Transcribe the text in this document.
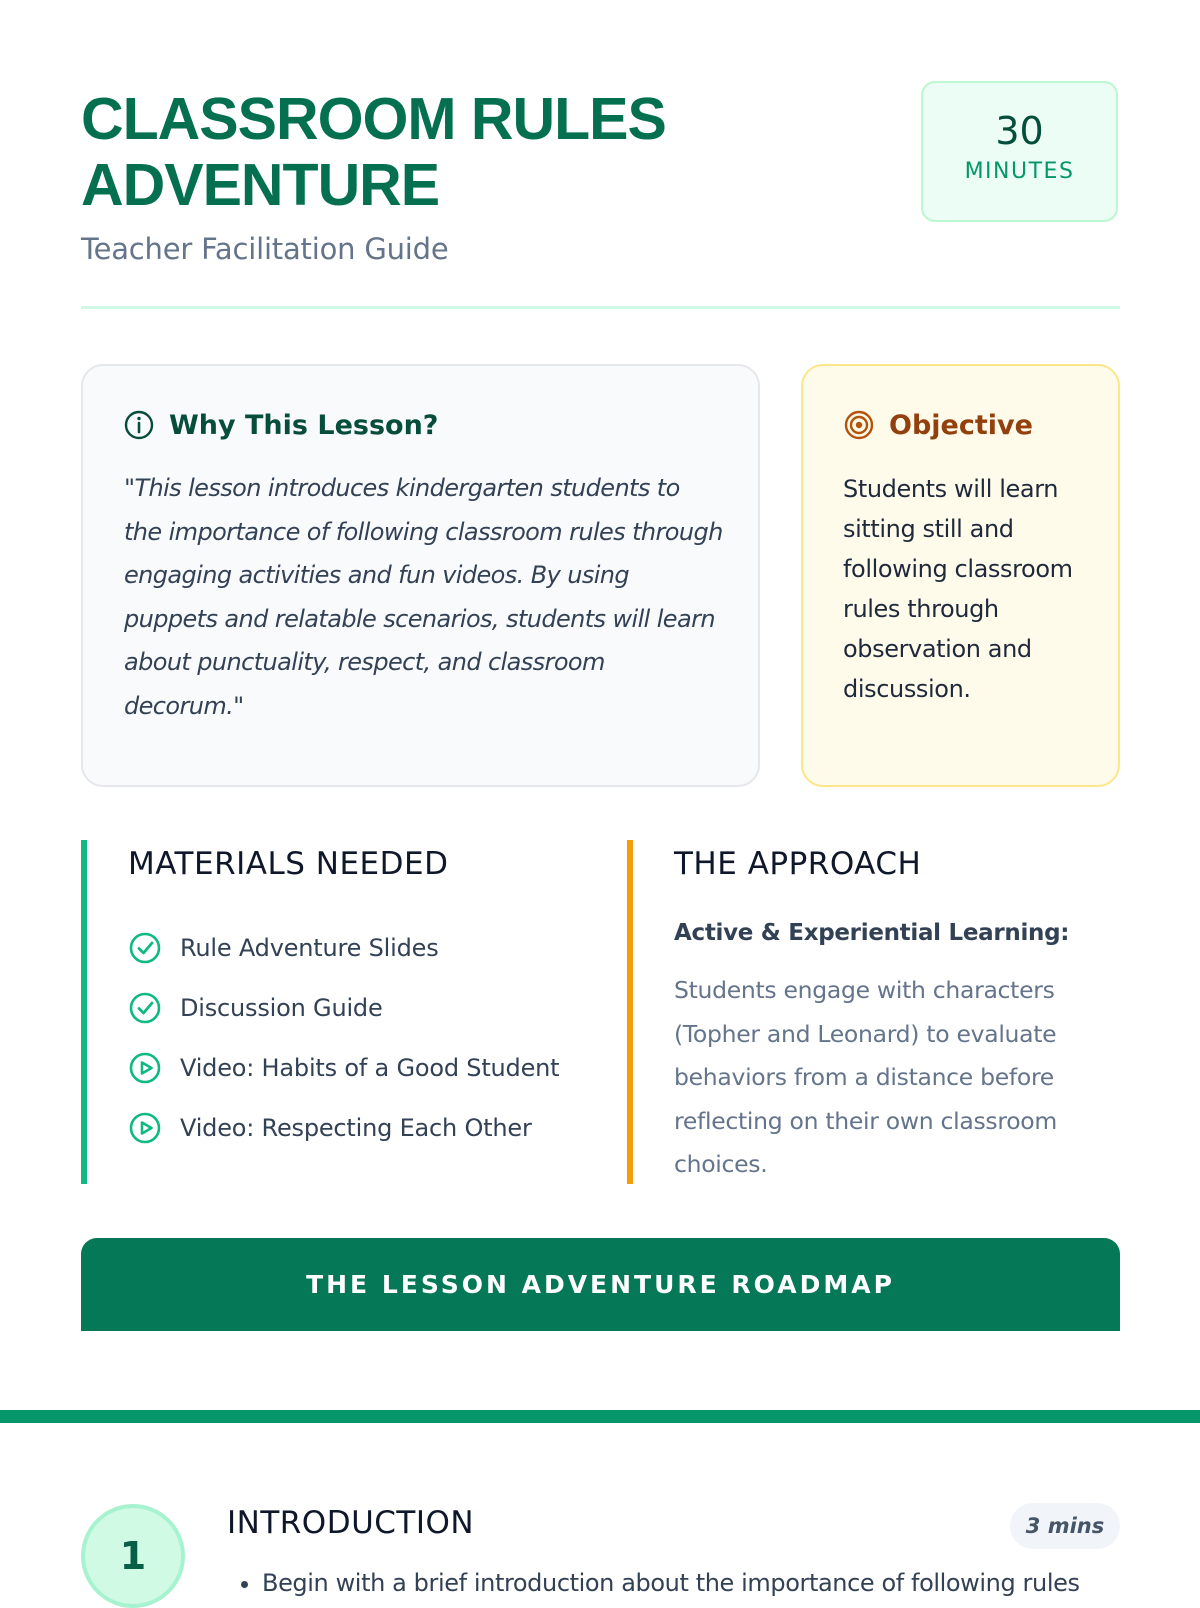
CLASSROOM RULES
ADVENTURE
Teacher Facilitation Guide
30
MINUTES
Why This Lesson?
"This lesson introduces kindergarten students to the importance of following classroom rules through engaging activities and fun videos. By using puppets and relatable scenarios, students will learn about punctuality, respect, and classroom decorum."
Objective
Students will learn sitting still and following classroom rules through observation and discussion.
MATERIALS NEEDED
Rule Adventure Slides
Discussion Guide
Video: Habits of a Good Student
Video: Respecting Each Other
THE APPROACH
Active & Experiential Learning:
Students engage with characters (Topher and Leonard) to evaluate behaviors from a distance before reflecting on their own classroom choices.
THE LESSON ADVENTURE ROADMAP
1
INTRODUCTION	3 mins
• Begin with a brief introduction about the importance of following rules
